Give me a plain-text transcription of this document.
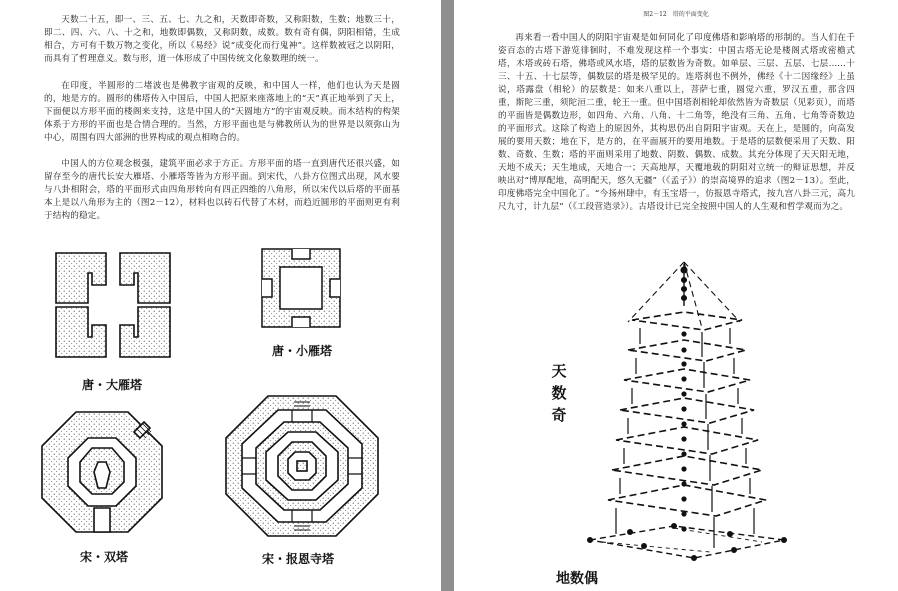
天数二十五，即一、三、五、七、九之和，天数即奇数，又称阳数，生数；地数三十，即二、四、六、八、十之和，地数即偶数，又称阴数，成数。数有奇有偶，阴阳相错，生成相合，方可有千数万物之变化，所以《易经》说“成变化而行鬼神”。这样数被冠之以阴阳，而具有了哲理意义。数与形，道一体形成了中国传统文化象数理的统一。

在印度，半圆形的二堵波也是佛教宇宙观的反映，和中国人一样，他们也认为天是圆的，地是方的。圆形的佛塔传入中国后，中国人把原来座落地上的“天”真正地举到了天上，下面便以方形平面的楼阁来支持，这是中国人的“天圆地方”的宇宙观反映。而木结构的构架体系于方形的平面也是合情合理的。当然，方形平面也是与佛教所认为的世界是以须弥山为中心，周围有四大部洲的世界构成的观点相吻合的。

中国人的方位观念极强，建筑平面必求于方正。方形平面的塔一直到唐代还很兴盛，如留存至今的唐代长安大雁塔、小雁塔等皆为方形平面。到宋代，八卦方位图式出现，风水要与八卦相附会，塔的平面形式由四角形转向有四正四维的八角形，所以宋代以后塔的平面基本上是以八角形为主的（图2－12），材料也以砖石代替了木材，而趋近圆形的平面则更有利于结构的稳定。

唐・大雁塔
唐・小雁塔
宋・双塔	宋・报恩寺塔
图2－12　塔的平面变化

再来看一看中国人的阴阳宇宙观是如何同化了印度佛塔和影响塔的形制的。当人们在千姿百态的古塔下游览徘徊时，不难发现这样一个事实：中国古塔无论是楼阁式塔或密檐式塔，木塔或砖石塔，佛塔或风水塔，塔的层数皆为奇数。如单层、三层、五层、七层……十三、十五、十七层等，偶数层的塔是极罕见的。连塔刹也不例外，佛经《十二因缘经》上虽说，塔露盘（相轮）的层数是：如来八重以上，菩萨七重，圆觉六重，罗汉五重，那含四重，斯陀三重，须陀洹二重，轮王一重。但中国塔刹相轮却依然皆为奇数层（见彩页），而塔的平面皆是偶数边形，如四角、六角、八角、十二角等，绝没有三角、五角、七角等奇数边的平面形式。这除了构造上的原因外，其构思仍出自阴阳宇宙观。天在上，是圆的，向高发展的要用天数；地在下，是方的，在平面展开的要用地数。于是塔的层数便采用了天数、阳数、奇数、生数；塔的平面则采用了地数、阴数、偶数、成数。其充分体现了天天阳无地，天地不成天；天生地成，天地合一；天高地厚，天覆地载的阴阳对立统一的辩证思想，并反映出对“博厚配地，高明配天，悠久无疆”（《孟子》）的崇高境界的追求（图2－13）。至此，印度佛塔完全中国化了。“今扬州肆中，有玉宝塔一，仿报恩寺塔式，按九宫八卦三元，高九尺九寸，计九层”（《工段营造录》）。古塔设计已完全按照中国人的人生观和哲学观而为之。

天数奇
地数偶
